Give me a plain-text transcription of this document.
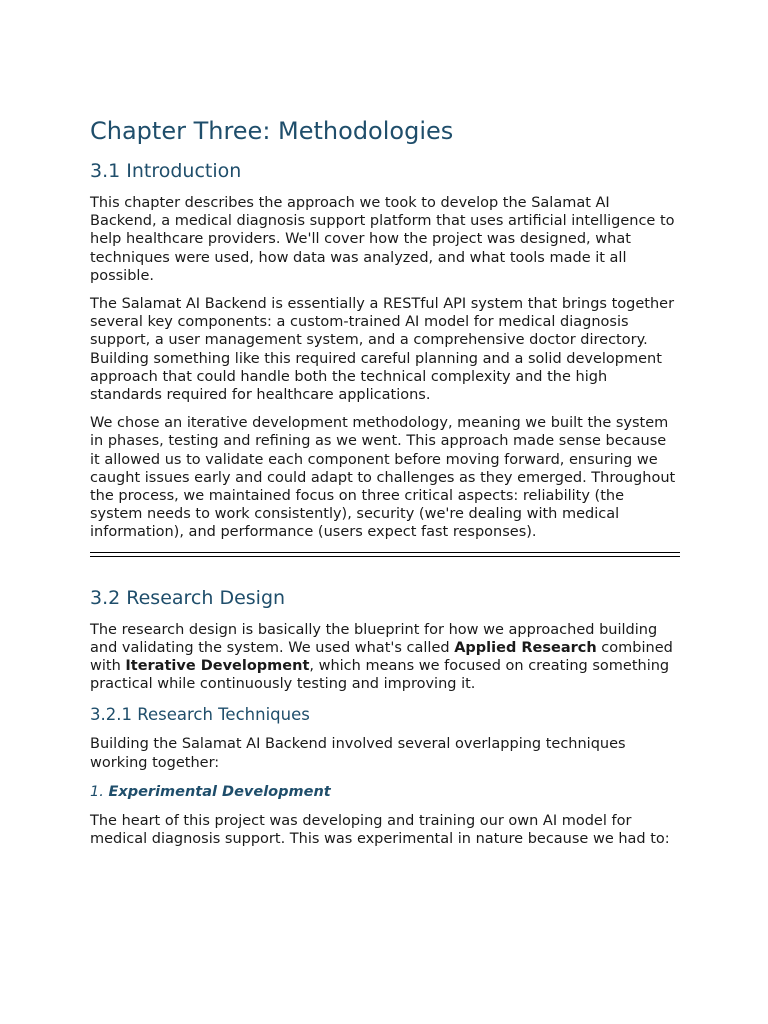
Chapter Three: Methodologies
3.1 Introduction

This chapter describes the approach we took to develop the Salamat AI Backend, a medical diagnosis support platform that uses artificial intelligence to help healthcare providers. We'll cover how the project was designed, what techniques were used, how data was analyzed, and what tools made it all possible.

The Salamat AI Backend is essentially a RESTful API system that brings together several key components: a custom-trained AI model for medical diagnosis support, a user management system, and a comprehensive doctor directory. Building something like this required careful planning and a solid development approach that could handle both the technical complexity and the high standards required for healthcare applications.

We chose an iterative development methodology, meaning we built the system in phases, testing and refining as we went. This approach made sense because it allowed us to validate each component before moving forward, ensuring we caught issues early and could adapt to challenges as they emerged. Throughout the process, we maintained focus on three critical aspects: reliability (the system needs to work consistently), security (we're dealing with medical information), and performance (users expect fast responses).

3.2 Research Design

The research design is basically the blueprint for how we approached building and validating the system. We used what's called Applied Research combined with Iterative Development, which means we focused on creating something practical while continuously testing and improving it.

3.2.1 Research Techniques

Building the Salamat AI Backend involved several overlapping techniques working together:

1. Experimental Development

The heart of this project was developing and training our own AI model for medical diagnosis support. This was experimental in nature because we had to:
